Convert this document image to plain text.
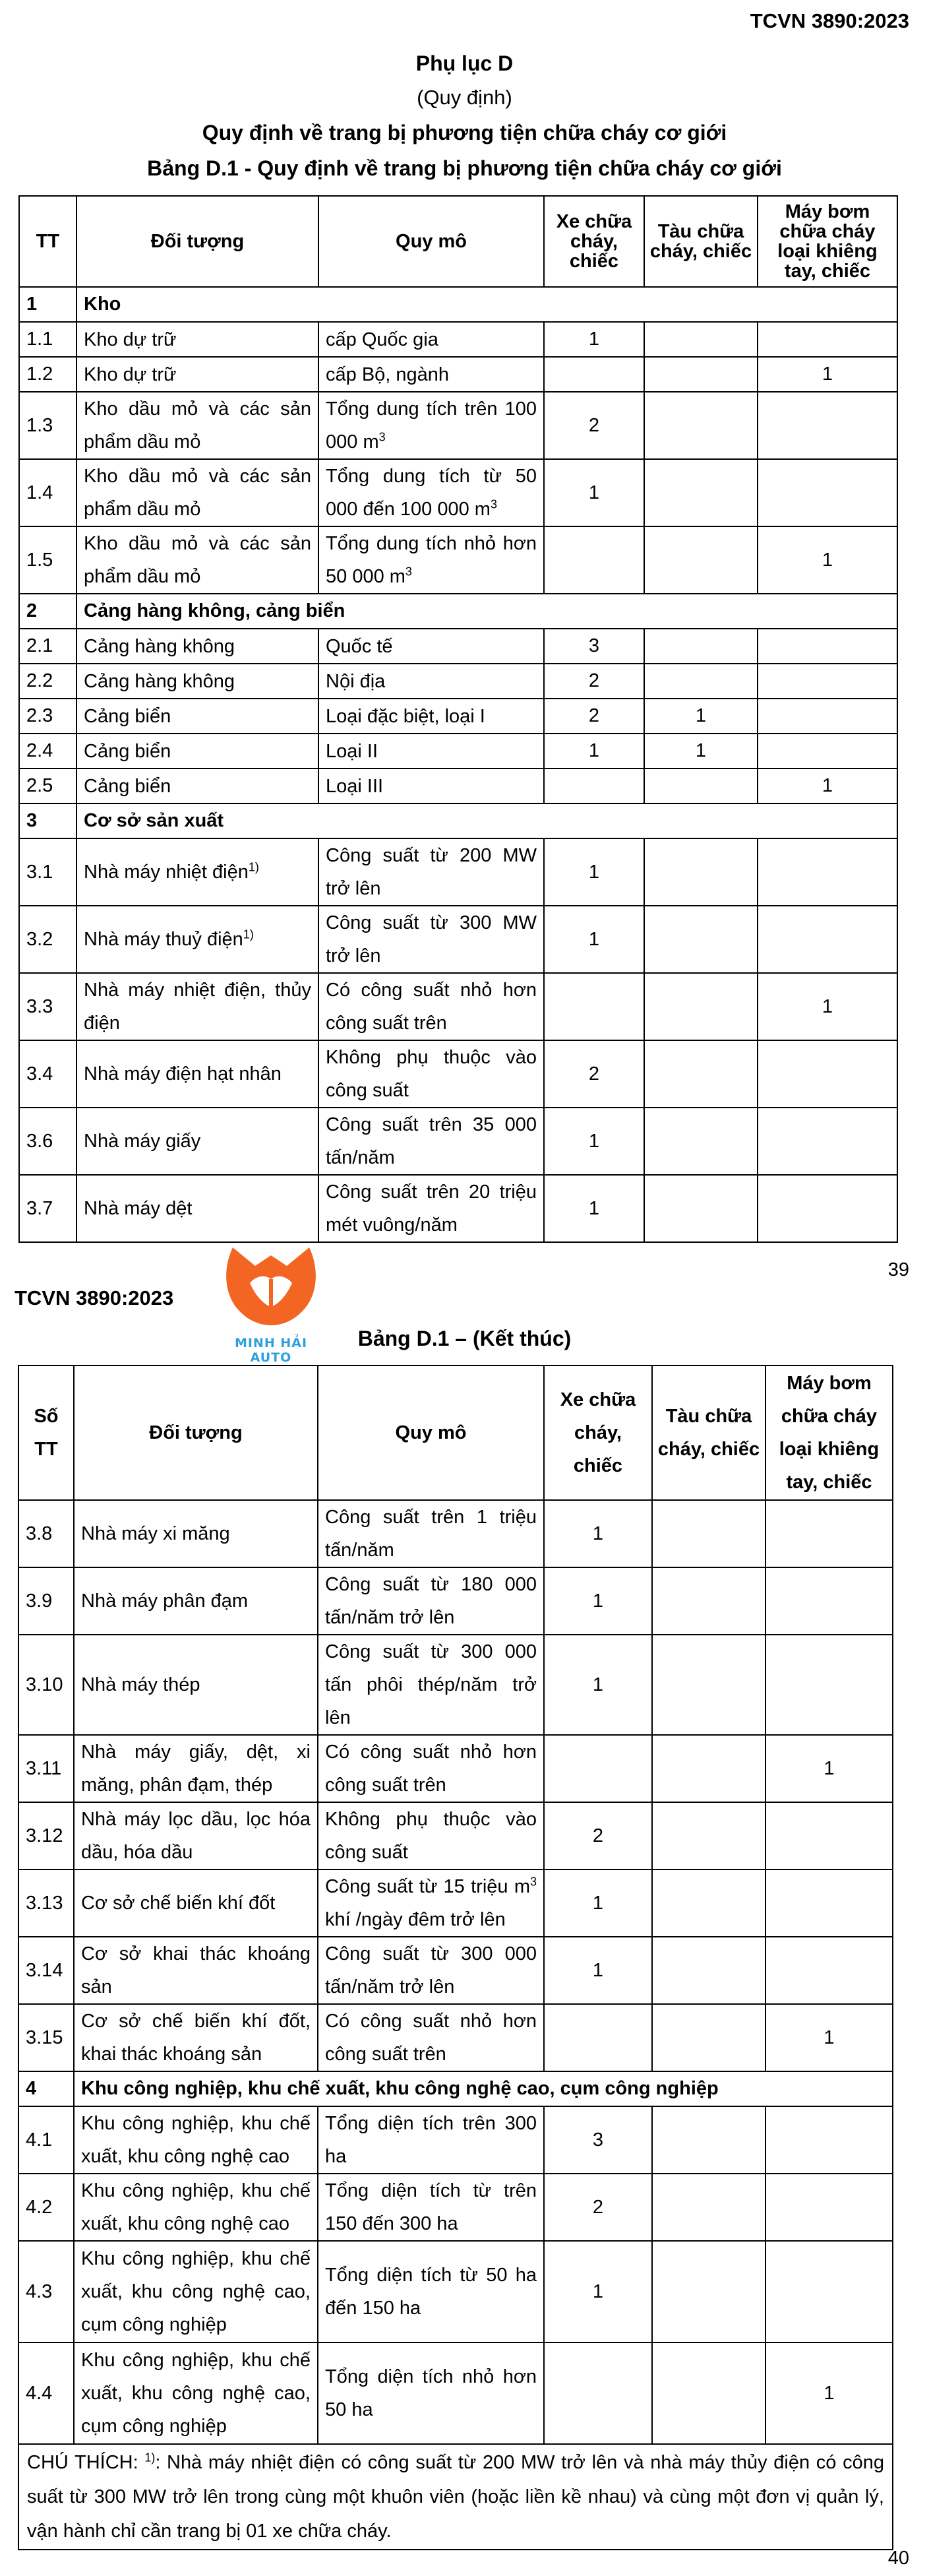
TCVN 3890:2023
Phụ lục D
(Quy định)
Quy định về trang bị phương tiện chữa cháy cơ giới
Bảng D.1 - Quy định về trang bị phương tiện chữa cháy cơ giới
TT	Đối tượng	Quy mô	Xe chữa cháy, chiếc	Tàu chữa cháy, chiếc	Máy bơm chữa cháy loại khiêng tay, chiếc
1	Kho				
1.1	Kho dự trữ	cấp Quốc gia	1		
1.2	Kho dự trữ	cấp Bộ, ngành			1
1.3	Kho dầu mỏ và các sản phẩm dầu mỏ	Tổng dung tích trên 100 000 $m^3$	2		
1.4	Kho dầu mỏ và các sản phẩm dầu mỏ	Tổng dung tích từ 50 000 đến 100 000 $m^3$	1		
1.5	Kho dầu mỏ và các sản phẩm dầu mỏ	Tổng dung tích nhỏ hơn 50 000 $m^3$			1
2	Cảng hàng không, cảng biển				
2.1	Cảng hàng không	Quốc tế	3		
2.2	Cảng hàng không	Nội địa	2		
2.3	Cảng biển	Loại đặc biệt, loại I	2	1	
2.4	Cảng biển	Loại II	1	1	
2.5	Cảng biển	Loại III			1
3	Cơ sở sản xuất				
3.1	Nhà máy nhiệt điện$^{1)}$	Công suất từ 200 MW trở lên	1		
3.2	Nhà máy thuỷ điện$^{1)}$	Công suất từ 300 MW trở lên	1		
3.3	Nhà máy nhiệt điện, thủy điện	Có công suất nhỏ hơn công suất trên			1
3.4	Nhà máy điện hạt nhân	Không phụ thuộc vào công suất	2		
3.6	Nhà máy giấy	Công suất trên 35 000 tấn/năm	1		
3.7	Nhà máy dệt	Công suất trên 20 triệu mét vuông/năm	1		
39
TCVN 3890:2023
MINH HẢI AUTO
Bảng D.1 – (Kết thúc)
Số TT	Đối tượng	Quy mô	Xe chữa cháy, chiếc	Tàu chữa cháy, chiếc	Máy bơm chữa cháy loại khiêng tay, chiếc
3.8	Nhà máy xi măng	Công suất trên 1 triệu tấn/năm	1		
3.9	Nhà máy phân đạm	Công suất từ 180 000 tấn/năm trở lên	1		
3.10	Nhà máy thép	Công suất từ 300 000 tấn phôi thép/năm trở lên	1		
3.11	Nhà máy giấy, dệt, xi măng, phân đạm, thép	Có công suất nhỏ hơn công suất trên			1
3.12	Nhà máy lọc dầu, lọc hóa dầu, hóa dầu	Không phụ thuộc vào công suất	2		
3.13	Cơ sở chế biến khí đốt	Công suất từ 15 triệu $m^3$ khí /ngày đêm trở lên	1		
3.14	Cơ sở khai thác khoáng sản	Công suất từ 300 000 tấn/năm trở lên	1		
3.15	Cơ sở chế biến khí đốt, khai thác khoáng sản	Có công suất nhỏ hơn công suất trên			1
4	Khu công nghiệp, khu chế xuất, khu công nghệ cao, cụm công nghiệp				
4.1	Khu công nghiệp, khu chế xuất, khu công nghệ cao	Tổng diện tích trên 300 ha	3		
4.2	Khu công nghiệp, khu chế xuất, khu công nghệ cao	Tổng diện tích từ trên 150 đến 300 ha	2		
4.3	Khu công nghiệp, khu chế xuất, khu công nghệ cao, cụm công nghiệp	Tổng diện tích từ 50 ha đến 150 ha	1		
4.4	Khu công nghiệp, khu chế xuất, khu công nghệ cao, cụm công nghiệp	Tổng diện tích nhỏ hơn 50 ha			1
CHÚ THÍCH: $^{1)}$: Nhà máy nhiệt điện có công suất từ 200 MW trở lên và nhà máy thủy điện có công suất từ 300 MW trở lên trong cùng một khuôn viên (hoặc liền kề nhau) và cùng một đơn vị quản lý, vận hành chỉ cần trang bị 01 xe chữa cháy.					
40
